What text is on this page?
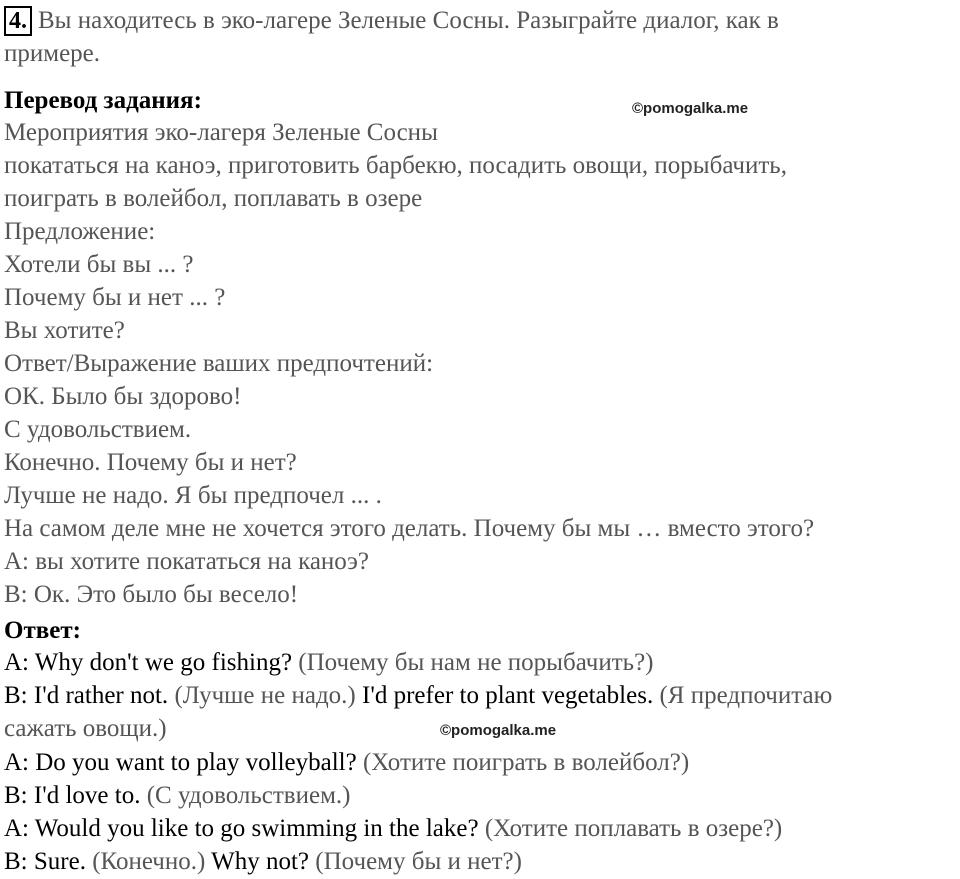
4. Вы находитесь в эко-лагере Зеленые Сосны. Разыграйте диалог, как в
примере.
Перевод задания:	©pomogalka.me
Мероприятия эко-лагеря Зеленые Сосны
покататься на каноэ, приготовить барбекю, посадить овощи, порыбачить,
поиграть в волейбол, поплавать в озере
Предложение:
Хотели бы вы ... ?
Почему бы и нет ... ?
Вы хотите?
Ответ/Выражение ваших предпочтений:
ОК. Было бы здорово!
С удовольствием.
Конечно. Почему бы и нет?
Лучше не надо. Я бы предпочел ... .
На самом деле мне не хочется этого делать. Почему бы мы … вместо этого?
А: вы хотите покататься на каноэ?
В: Ок. Это было бы весело!
Ответ:
A: Why don't we go fishing? (Почему бы нам не порыбачить?)
B: I'd rather not. (Лучше не надо.) I'd prefer to plant vegetables. (Я предпочитаю
сажать овощи.)	©pomogalka.me
A: Do you want to play volleyball? (Хотите поиграть в волейбол?)
B: I'd love to. (С удовольствием.)
A: Would you like to go swimming in the lake? (Хотите поплавать в озере?)
B: Sure. (Конечно.) Why not? (Почему бы и нет?)
